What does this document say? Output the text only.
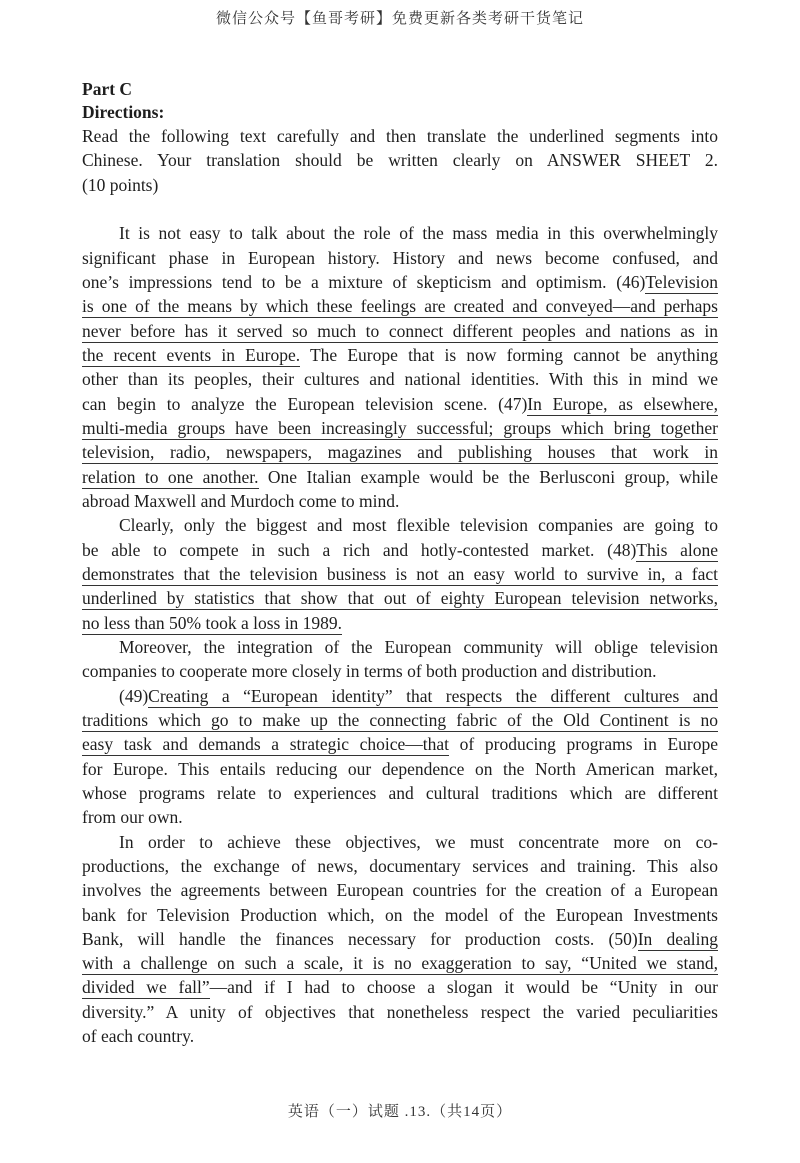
微信公众号【鱼哥考研】免费更新各类考研干货笔记
Part C
Directions:
Read the following text carefully and then translate the underlined segments into
Chinese. Your translation should be written clearly on ANSWER SHEET 2.
(10 points)
It is not easy to talk about the role of the mass media in this overwhelmingly
significant phase in European history. History and news become confused, and
one’s impressions tend to be a mixture of skepticism and optimism. (46)Television
is one of the means by which these feelings are created and conveyed—and perhaps
never before has it served so much to connect different peoples and nations as in
the recent events in Europe. The Europe that is now forming cannot be anything
other than its peoples, their cultures and national identities. With this in mind we
can begin to analyze the European television scene. (47)In Europe, as elsewhere,
multi-media groups have been increasingly successful; groups which bring together
television, radio, newspapers, magazines and publishing houses that work in
relation to one another. One Italian example would be the Berlusconi group, while
abroad Maxwell and Murdoch come to mind.
Clearly, only the biggest and most flexible television companies are going to
be able to compete in such a rich and hotly-contested market. (48)This alone
demonstrates that the television business is not an easy world to survive in, a fact
underlined by statistics that show that out of eighty European television networks,
no less than 50% took a loss in 1989.
Moreover, the integration of the European community will oblige television
companies to cooperate more closely in terms of both production and distribution.
(49)Creating a “European identity” that respects the different cultures and
traditions which go to make up the connecting fabric of the Old Continent is no
easy task and demands a strategic choice—that of producing programs in Europe
for Europe. This entails reducing our dependence on the North American market,
whose programs relate to experiences and cultural traditions which are different
from our own.
In order to achieve these objectives, we must concentrate more on co-
productions, the exchange of news, documentary services and training. This also
involves the agreements between European countries for the creation of a European
bank for Television Production which, on the model of the European Investments
Bank, will handle the finances necessary for production costs. (50)In dealing
with a challenge on such a scale, it is no exaggeration to say, “United we stand,
divided we fall”—and if I had to choose a slogan it would be “Unity in our
diversity.” A unity of objectives that nonetheless respect the varied peculiarities
of each country.
英语（一）试题 .13.（共14页）
